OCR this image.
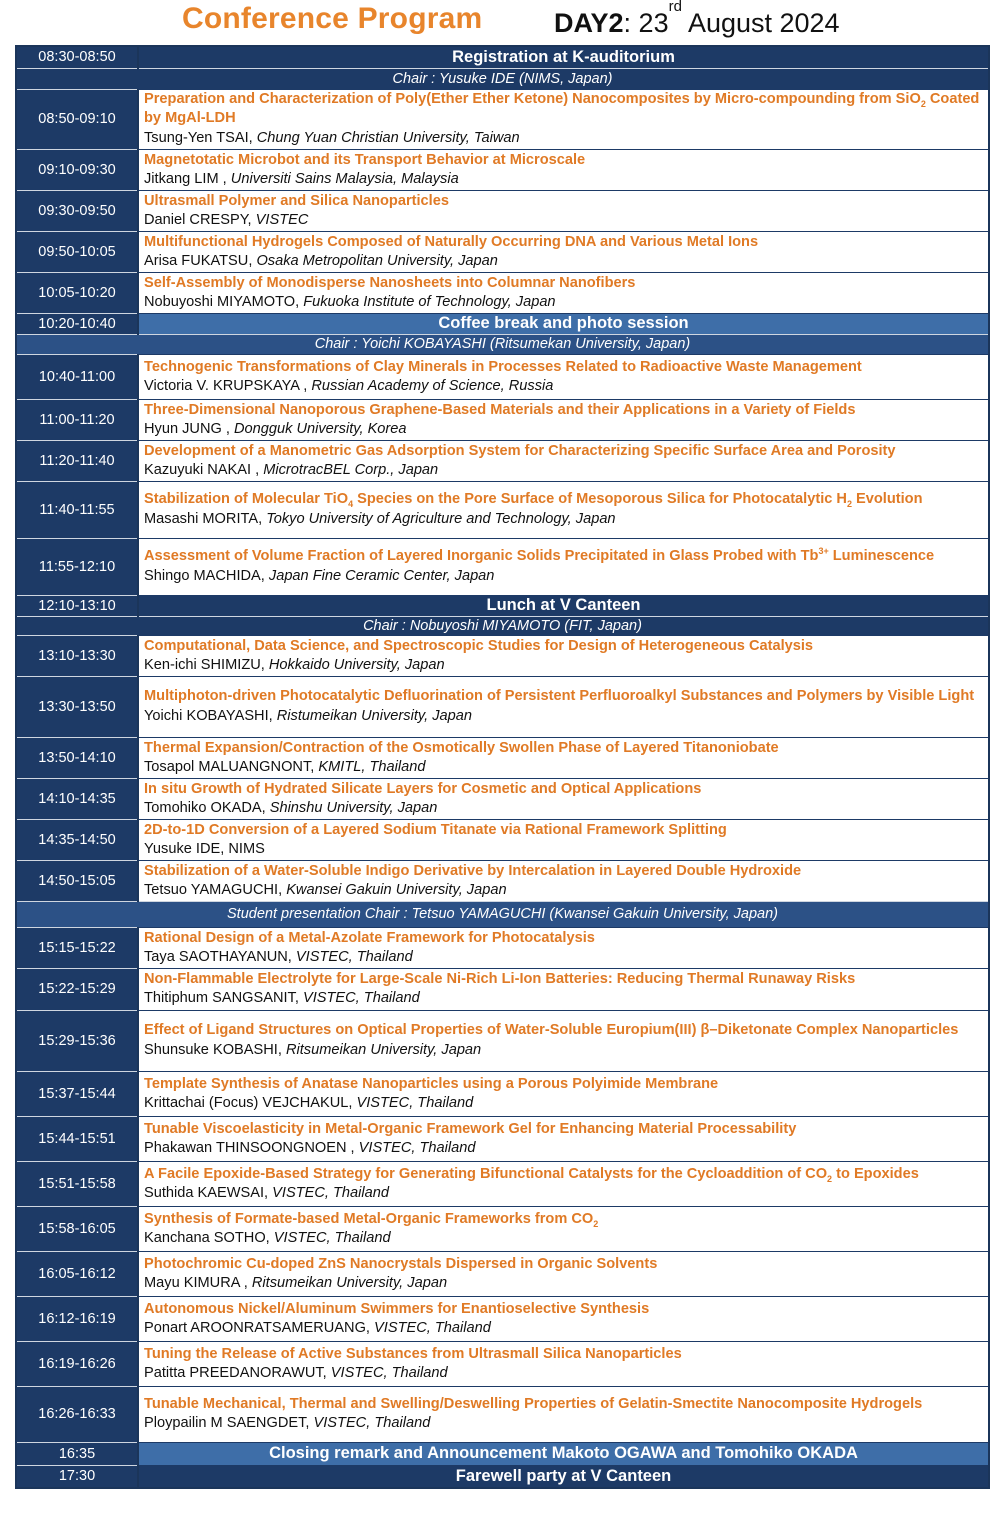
Conference Program	DAY2: 23rd August 2024
08:30-08:50	Registration at K-auditorium
Chair : Yusuke IDE (NIMS, Japan)	
08:50-09:10	Preparation and Characterization of Poly(Ether Ether Ketone) Nanocomposites by Micro-compounding from SiO$_2$ Coated by MgAl-LDH
Tsung-Yen TSAI, Chung Yuan Christian University, Taiwan

09:10-09:30	Magnetotatic Microbot and its Transport Behavior at Microscale
Jitkang LIM , Universiti Sains Malaysia, Malaysia

09:30-09:50	Ultrasmall Polymer and Silica Nanoparticles
Daniel CRESPY, VISTEC

09:50-10:05	Multifunctional Hydrogels Composed of Naturally Occurring DNA and Various Metal Ions
Arisa FUKATSU, Osaka Metropolitan University, Japan

10:05-10:20	Self-Assembly of Monodisperse Nanosheets into Columnar Nanofibers
Nobuyoshi MIYAMOTO, Fukuoka Institute of Technology, Japan

10:20-10:40	Coffee break and photo session
Chair : Yoichi KOBAYASHI (Ritsumekan University, Japan)	
10:40-11:00	Technogenic Transformations of Clay Minerals in Processes Related to Radioactive Waste Management
Victoria V. KRUPSKAYA , Russian Academy of Science, Russia

11:00-11:20	Three-Dimensional Nanoporous Graphene-Based Materials and their Applications in a Variety of Fields
Hyun JUNG , Dongguk University, Korea

11:20-11:40	Development of a Manometric Gas Adsorption System for Characterizing Specific Surface Area and Porosity
Kazuyuki NAKAI , MicrotracBEL Corp., Japan

11:40-11:55	Stabilization of Molecular TiO$_4$ Species on the Pore Surface of Mesoporous Silica for Photocatalytic $H_2$ Evolution
Masashi MORITA, Tokyo University of Agriculture and Technology, Japan

11:55-12:10	Assessment of Volume Fraction of Layered Inorganic Solids Precipitated in Glass Probed with $Tb^{3+}$ Luminescence
Shingo MACHIDA, Japan Fine Ceramic Center, Japan

12:10-13:10	Lunch at V Canteen
Chair : Nobuyoshi MIYAMOTO (FIT, Japan)	
13:10-13:30	Computational, Data Science, and Spectroscopic Studies for Design of Heterogeneous Catalysis
Ken-ichi SHIMIZU, Hokkaido University, Japan

13:30-13:50	Multiphoton-driven Photocatalytic Defluorination of Persistent Perfluoroalkyl Substances and Polymers by Visible Light
Yoichi KOBAYASHI, Ristumeikan University, Japan

13:50-14:10	Thermal Expansion/Contraction of the Osmotically Swollen Phase of Layered Titanoniobate
Tosapol MALUANGNONT, KMITL, Thailand

14:10-14:35	In situ Growth of Hydrated Silicate Layers for Cosmetic and Optical Applications
Tomohiko OKADA, Shinshu University, Japan

14:35-14:50	2D-to-1D Conversion of a Layered Sodium Titanate via Rational Framework Splitting
Yusuke IDE, NIMS

14:50-15:05	Stabilization of a Water-Soluble Indigo Derivative by Intercalation in Layered Double Hydroxide
Tetsuo YAMAGUCHI, Kwansei Gakuin University, Japan

Student presentation Chair : Tetsuo YAMAGUCHI (Kwansei Gakuin University, Japan)	
15:15-15:22	Rational Design of a Metal-Azolate Framework for Photocatalysis
Taya SAOTHAYANUN, VISTEC, Thailand

15:22-15:29	Non-Flammable Electrolyte for Large-Scale Ni-Rich Li-Ion Batteries: Reducing Thermal Runaway Risks
Thitiphum SANGSANIT, VISTEC, Thailand

15:29-15:36	Effect of Ligand Structures on Optical Properties of Water-Soluble Europium(III) β–Diketonate Complex Nanoparticles
Shunsuke KOBASHI, Ritsumeikan University, Japan

15:37-15:44	Template Synthesis of Anatase Nanoparticles using a Porous Polyimide Membrane
Krittachai (Focus) VEJCHAKUL, VISTEC, Thailand

15:44-15:51	Tunable Viscoelasticity in Metal-Organic Framework Gel for Enhancing Material Processability
Phakawan THINSOONGNOEN , VISTEC, Thailand

15:51-15:58	A Facile Epoxide-Based Strategy for Generating Bifunctional Catalysts for the Cycloaddition of $CO_2$ to Epoxides
Suthida KAEWSAI, VISTEC, Thailand

15:58-16:05	Synthesis of Formate-based Metal-Organic Frameworks from $CO_2$
Kanchana SOTHO, VISTEC, Thailand

16:05-16:12	Photochromic Cu-doped ZnS Nanocrystals Dispersed in Organic Solvents
Mayu KIMURA , Ritsumeikan University, Japan

16:12-16:19	Autonomous Nickel/Aluminum Swimmers for Enantioselective Synthesis
Ponart AROONRATSAMERUANG, VISTEC, Thailand

16:19-16:26	Tuning the Release of Active Substances from Ultrasmall Silica Nanoparticles
Patitta PREEDANORAWUT, VISTEC, Thailand

16:26-16:33	Tunable Mechanical, Thermal and Swelling/Deswelling Properties of Gelatin-Smectite Nanocomposite Hydrogels
Ploypailin M SAENGDET, VISTEC, Thailand

16:35	Closing remark and Announcement Makoto OGAWA and Tomohiko OKADA
17:30	Farewell party at V Canteen
